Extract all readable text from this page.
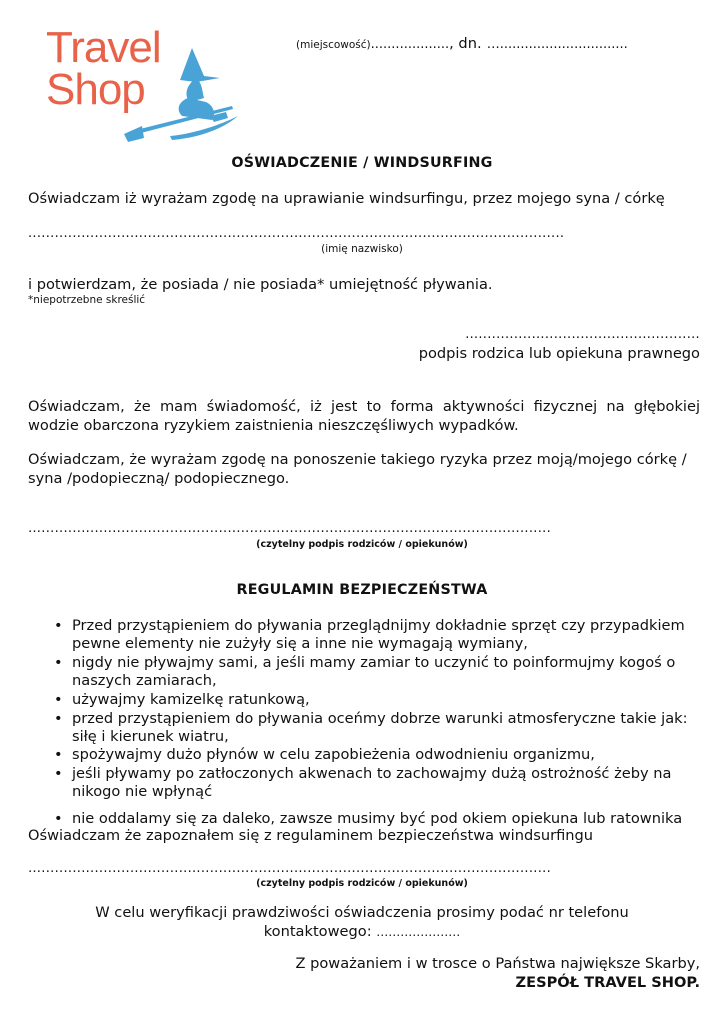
Travel
Shop
(miejscowość)..................., dn. …...............................
OŚWIADCZENIE / WINDSURFING
Oświadczam iż wyrażam zgodę na uprawianie windsurfingu, przez mojego syna / córkę
.........................................................................................................................
(imię nazwisko)
i potwierdzam, że posiada / nie posiada* umiejętność pływania.
*niepotrzebne skreślić
…..................................................
podpis rodzica lub opiekuna prawnego
Oświadczam, że mam świadomość, iż jest to forma aktywności fizycznej na głębokiej wodzie obarczona ryzykiem zaistnienia nieszczęśliwych wypadków.
Oświadczam, że wyrażam zgodę na ponoszenie takiego ryzyka przez moją/mojego córkę / syna /podopieczną/ podopiecznego.
…...................................................................................................................
(czytelny podpis rodziców / opiekunów)
REGULAMIN BEZPIECZEŃSTWA
• Przed przystąpieniem do pływania przeglądnijmy dokładnie sprzęt czy przypadkiem pewne elementy nie zużyły się a inne nie wymagają wymiany,
• nigdy nie pływajmy sami, a jeśli mamy zamiar to uczynić to poinformujmy kogoś o naszych zamiarach,
• używajmy kamizelkę ratunkową,
• przed przystąpieniem do pływania oceńmy dobrze warunki atmosferyczne takie jak: siłę i kierunek wiatru,
• spożywajmy dużo płynów w celu zapobieżenia odwodnieniu organizmu,
• jeśli pływamy po zatłoczonych akwenach to zachowajmy dużą ostrożność żeby na nikogo nie wpłynąć
• nie oddalamy się za daleko, zawsze musimy być pod okiem opiekuna lub ratownika
Oświadczam że zapoznałem się z regulaminem bezpieczeństwa windsurfingu
…...................................................................................................................
(czytelny podpis rodziców / opiekunów)
W celu weryfikacji prawdziwości oświadczenia prosimy podać nr telefonu
kontaktowego: …………………
Z poważaniem i w trosce o Państwa największe Skarby,
ZESPÓŁ TRAVEL SHOP.
